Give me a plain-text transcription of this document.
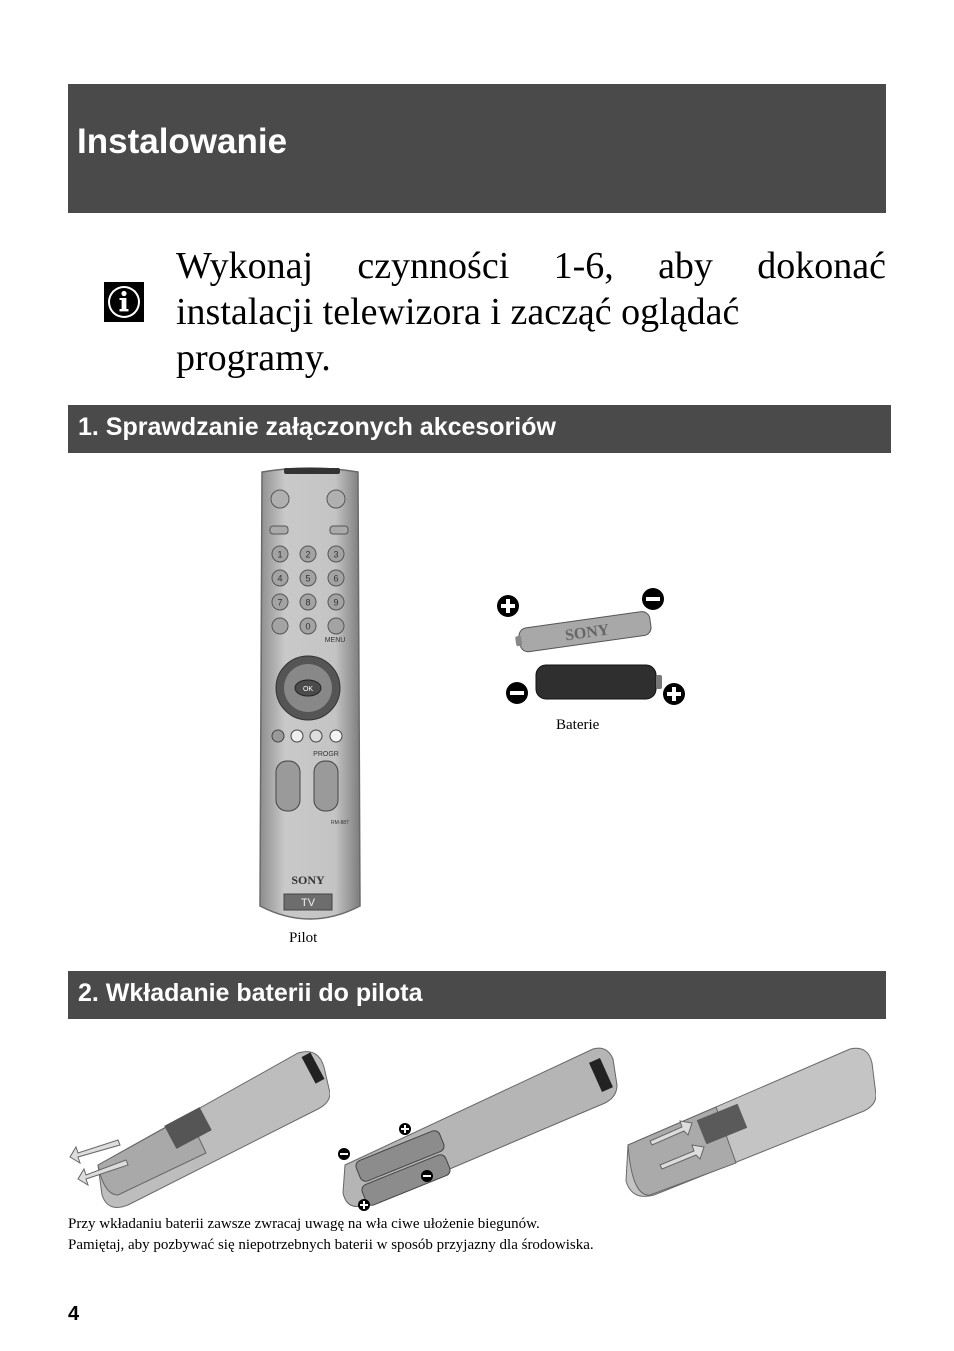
Instalowanie
Wykonaj czynności 1-6, aby dokonać
instalacji telewizora i zacząć oglądać
programy.
1. Sprawdzanie załączonych akcesoriów
1	2	3
4	5	6
7	8	9
0
MENU
OK
PROGR
RM-887
SONY
TV
Pilot
SONY
Baterie
2. Wkładanie baterii do pilota
Przy wkładaniu baterii zawsze zwracaj uwagę na wła ciwe ułożenie biegunów.
Pamiętaj, aby pozbywać się niepotrzebnych baterii w sposób przyjazny dla środowiska.
4
